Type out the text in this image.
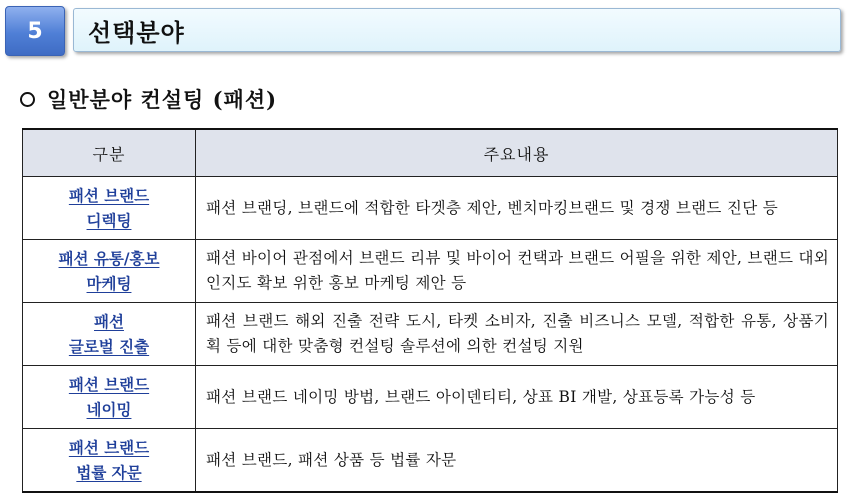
5	선택분야
일반분야 컨설팅 (패션)
구분	주요내용

패션 브랜드
디렉팅	패션 브랜딩, 브랜드에 적합한 타겟층 제안, 벤치마킹브랜드 및 경쟁 브랜드 진단 등

패션 유통/홍보
마케팅	패션 바이어 관점에서 브랜드 리뷰 및 바이어 컨택과 브랜드 어필을 위한 제안, 브랜드 대외 인지도 확보 위한 홍보 마케팅 제안 등

패션
글로벌 진출	패션 브랜드 해외 진출 전략 도시, 타켓 소비자, 진출 비즈니스 모델, 적합한 유통, 상품기획 등에 대한 맞춤형 컨설팅 솔루션에 의한 컨설팅 지원

패션 브랜드
네이밍	패션 브랜드 네이밍 방법, 브랜드 아이덴티티, 상표 BI 개발, 상표등록 가능성 등

패션 브랜드
법률 자문	패션 브랜드, 패션 상품 등 법률 자문
